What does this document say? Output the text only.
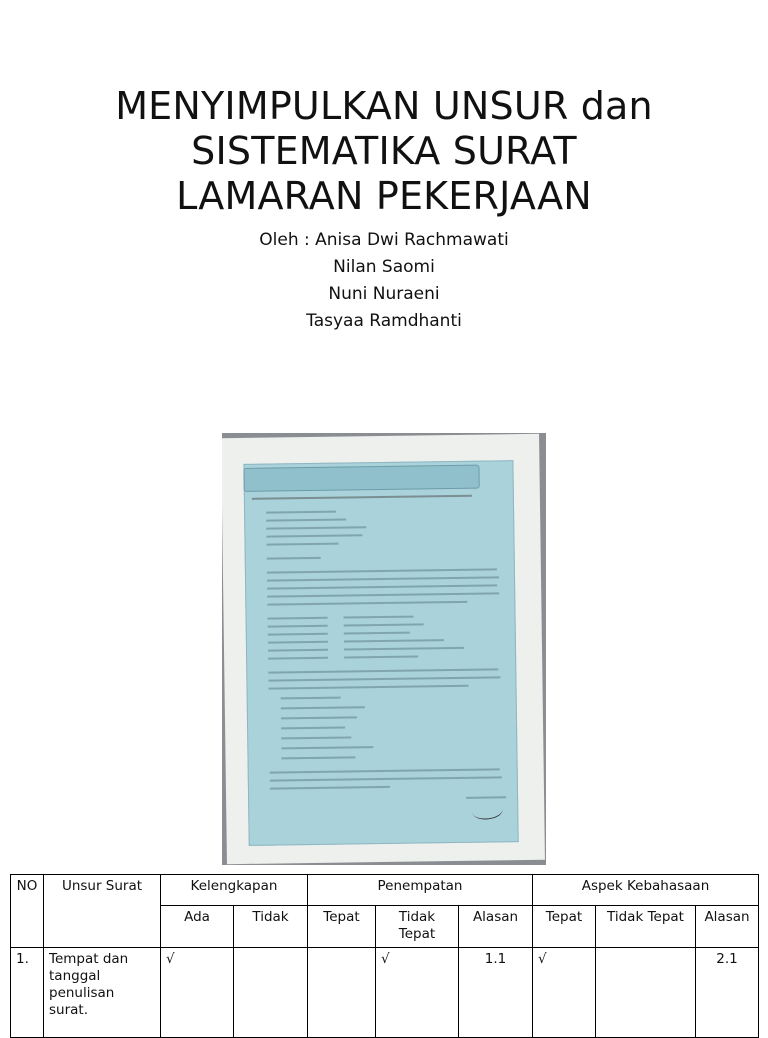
MENYIMPULKAN UNSUR dan
SISTEMATIKA SURAT
LAMARAN PEKERJAAN
Oleh : Anisa Dwi Rachmawati
Nilan Saomi
Nuni Nuraeni
Tasyaa Ramdhanti
NO	Unsur Surat	Kelengkapan		Penempatan			Aspek Kebahasaan		
		Ada	Tidak	Tepat	Tidak Tepat	Alasan	Tepat	Tidak Tepat	Alasan
1.	Tempat dan tanggal penulisan surat.	√			√	1.1	√		2.1
